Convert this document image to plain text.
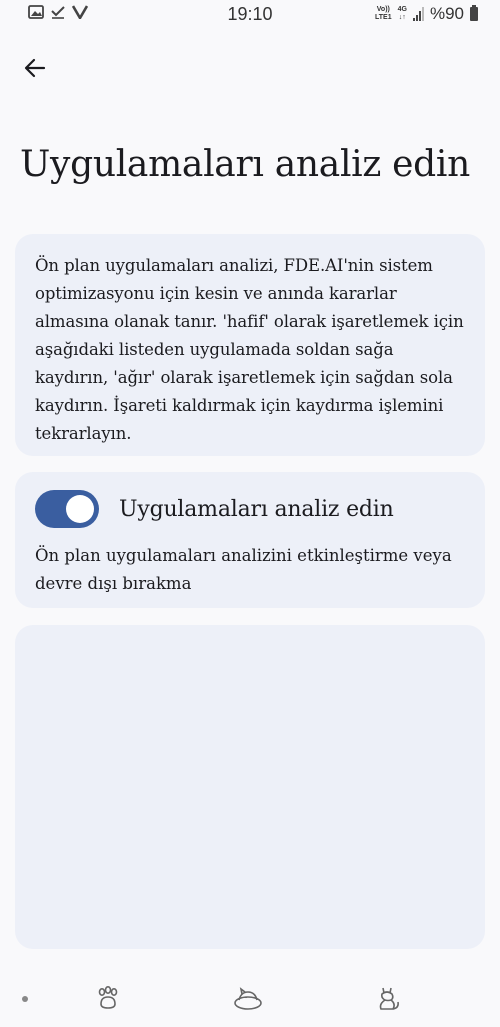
19:10	Vo))
LTE1
4G
↓↑ %90
Uygulamaları analiz edin

Ön plan uygulamaları analizi, FDE.AI'nin sistem optimizasyonu için kesin ve anında kararlar almasına olanak tanır. 'hafif' olarak işaretlemek için aşağıdaki listeden uygulamada soldan sağa kaydırın, 'ağır' olarak işaretlemek için sağdan sola kaydırın. İşareti kaldırmak için kaydırma işlemini tekrarlayın.

Uygulamaları analiz edin

Ön plan uygulamaları analizini etkinleştirme veya devre dışı bırakma
